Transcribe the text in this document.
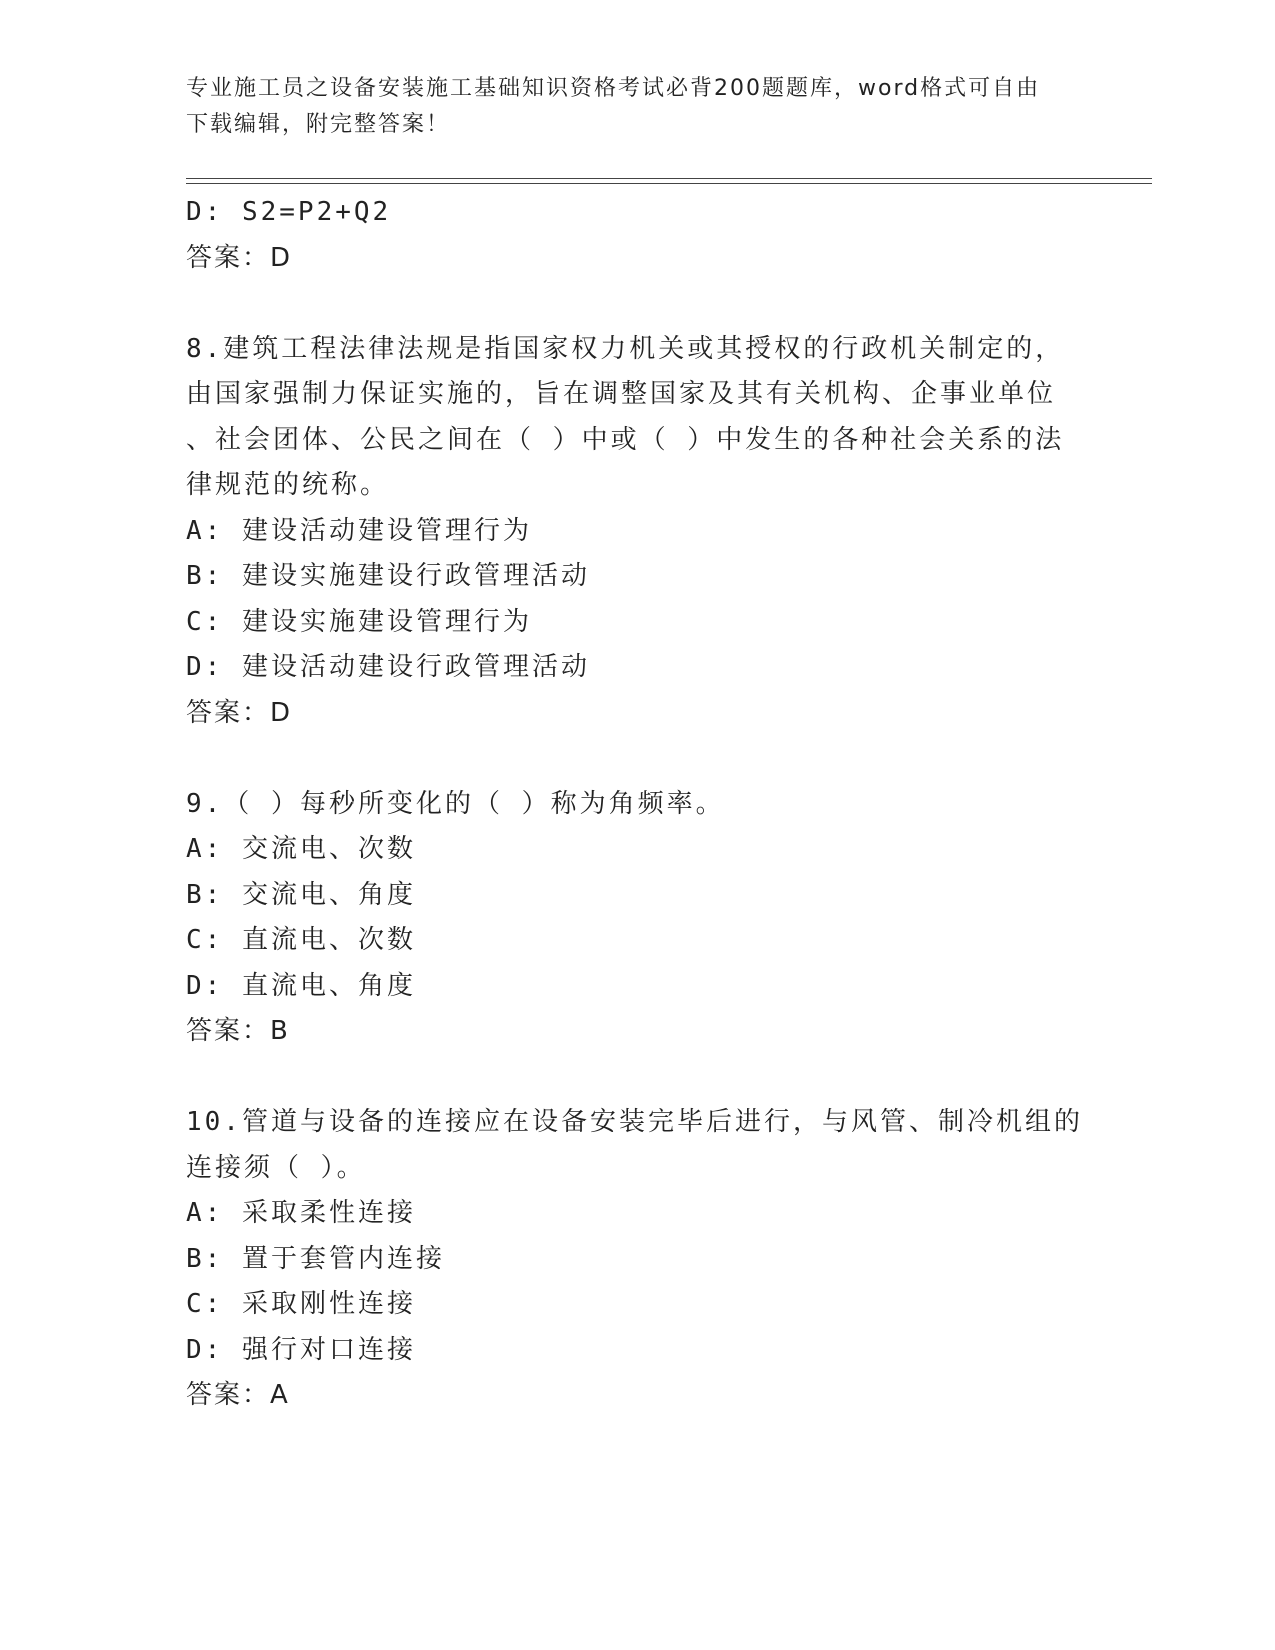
专业施工员之设备安装施工基础知识资格考试必背200题题库，word格式可自由
下载编辑，附完整答案！
D: S2=P2+Q2
答案：D
8.建筑工程法律法规是指国家权力机关或其授权的行政机关制定的，
由国家强制力保证实施的，旨在调整国家及其有关机构、企事业单位
、社会团体、公民之间在（ ）中或（ ）中发生的各种社会关系的法
律规范的统称。
A: 建设活动建设管理行为
B: 建设实施建设行政管理活动
C: 建设实施建设管理行为
D: 建设活动建设行政管理活动
答案：D
9.（ ）每秒所变化的（ ）称为角频率。
A: 交流电、次数
B: 交流电、角度
C: 直流电、次数
D: 直流电、角度
答案：B
10.管道与设备的连接应在设备安装完毕后进行，与风管、制冷机组的
连接须（ ）。
A: 采取柔性连接
B: 置于套管内连接
C: 采取刚性连接
D: 强行对口连接
答案：A
